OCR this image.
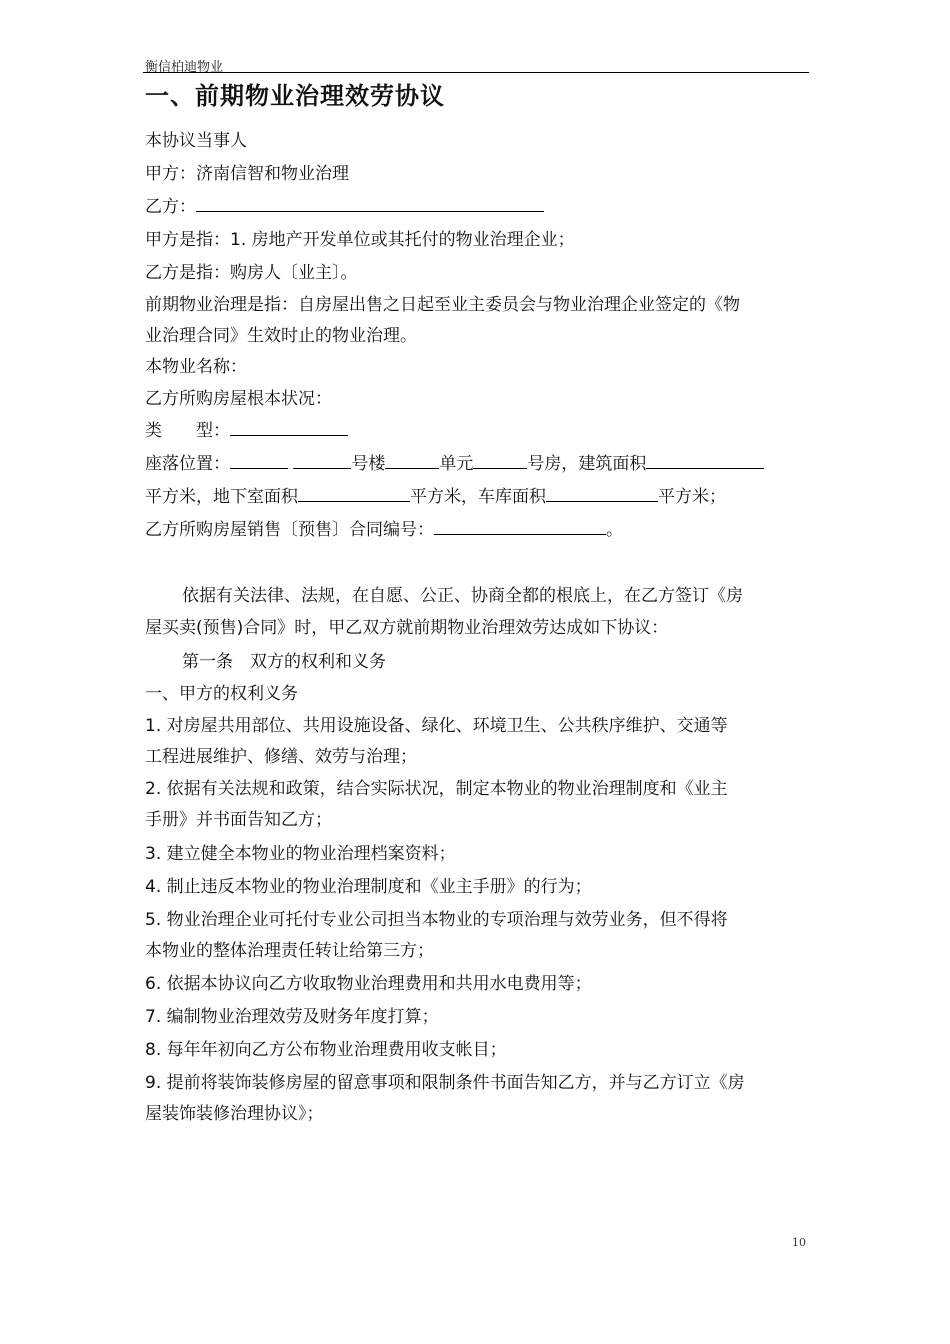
衡信柏迪物业
一、前期物业治理效劳协议
本协议当事人
甲方：济南信智和物业治理
乙方：
甲方是指：1. 房地产开发单位或其托付的物业治理企业；
乙方是指：购房人〔业主〕。
前期物业治理是指：自房屋出售之日起至业主委员会与物业治理企业签定的《物
业治理合同》生效时止的物业治理。
本物业名称：
乙方所购房屋根本状况：
类　　型：
座落位置：	号楼	单元	号房，建筑面积
平方米，地下室面积	平方米，车库面积	平方米；
乙方所购房屋销售〔预售〕合同编号：	。
依据有关法律、法规，在自愿、公正、协商全都的根底上，在乙方签订《房
屋买卖(预售)合同》时，甲乙双方就前期物业治理效劳达成如下协议：
第一条　双方的权利和义务
一、甲方的权利义务
1. 对房屋共用部位、共用设施设备、绿化、环境卫生、公共秩序维护、交通等
工程进展维护、修缮、效劳与治理；
2. 依据有关法规和政策，结合实际状况，制定本物业的物业治理制度和《业主
手册》并书面告知乙方；
3. 建立健全本物业的物业治理档案资料；
4. 制止违反本物业的物业治理制度和《业主手册》的行为；
5. 物业治理企业可托付专业公司担当本物业的专项治理与效劳业务，但不得将
本物业的整体治理责任转让给第三方；
6. 依据本协议向乙方收取物业治理费用和共用水电费用等；
7. 编制物业治理效劳及财务年度打算；
8. 每年年初向乙方公布物业治理费用收支帐目；
9. 提前将装饰装修房屋的留意事项和限制条件书面告知乙方，并与乙方订立《房
屋装饰装修治理协议》；
10
